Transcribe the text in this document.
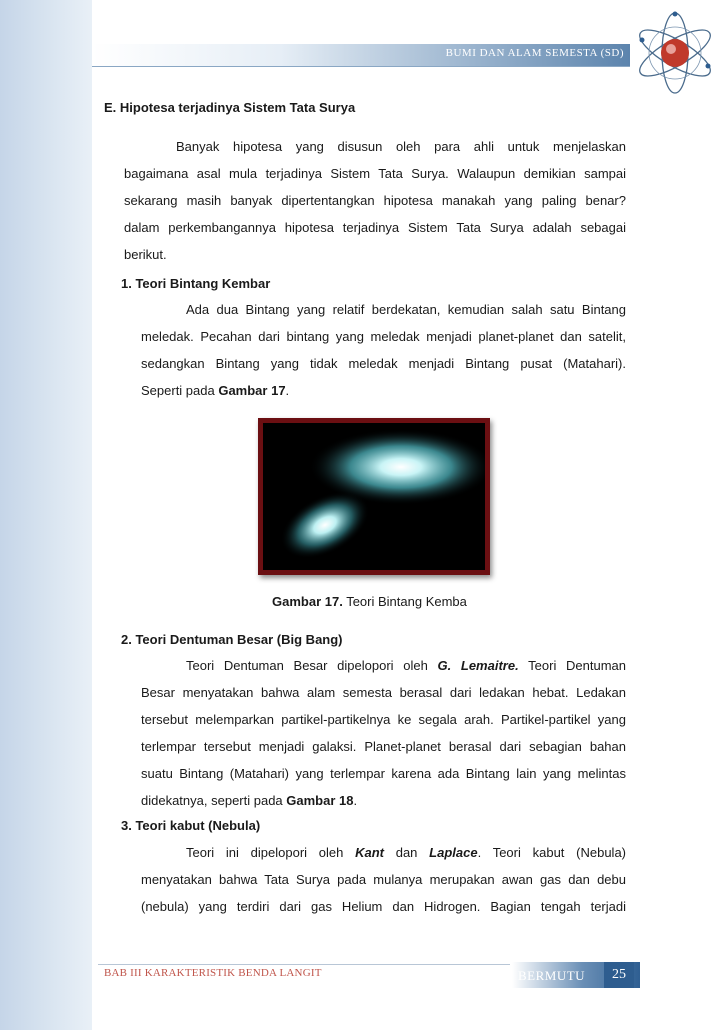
BUMI DAN ALAM SEMESTA (SD)
E. Hipotesa terjadinya Sistem Tata Surya
Banyak hipotesa yang disusun oleh para ahli untuk menjelaskan
bagaimana asal mula terjadinya Sistem Tata Surya. Walaupun demikian sampai
sekarang masih banyak dipertentangkan hipotesa manakah yang paling benar?
dalam perkembangannya hipotesa terjadinya Sistem Tata Surya adalah sebagai
berikut.
1. Teori Bintang Kembar
Ada dua Bintang yang relatif berdekatan, kemudian salah satu Bintang
meledak. Pecahan dari bintang yang meledak menjadi planet-planet dan satelit,
sedangkan Bintang yang tidak meledak menjadi Bintang pusat (Matahari).
Seperti pada Gambar 17.
Gambar 17. Teori Bintang Kemba
2. Teori Dentuman Besar (Big Bang)
Teori Dentuman Besar dipelopori oleh G. Lemaitre. Teori Dentuman
Besar menyatakan bahwa alam semesta berasal dari ledakan hebat. Ledakan
tersebut melemparkan partikel-partikelnya ke segala arah. Partikel-partikel yang
terlempar tersebut menjadi galaksi. Planet-planet berasal dari sebagian bahan
suatu Bintang (Matahari) yang terlempar karena ada Bintang lain yang melintas
didekatnya, seperti pada Gambar 18.
3. Teori kabut (Nebula)
Teori ini dipelopori oleh Kant dan Laplace. Teori kabut (Nebula)
menyatakan bahwa Tata Surya pada mulanya merupakan awan gas dan debu
(nebula) yang terdiri dari gas Helium dan Hidrogen. Bagian tengah terjadi
BAB III KARAKTERISTIK BENDA LANGIT	BERMUTU	25
